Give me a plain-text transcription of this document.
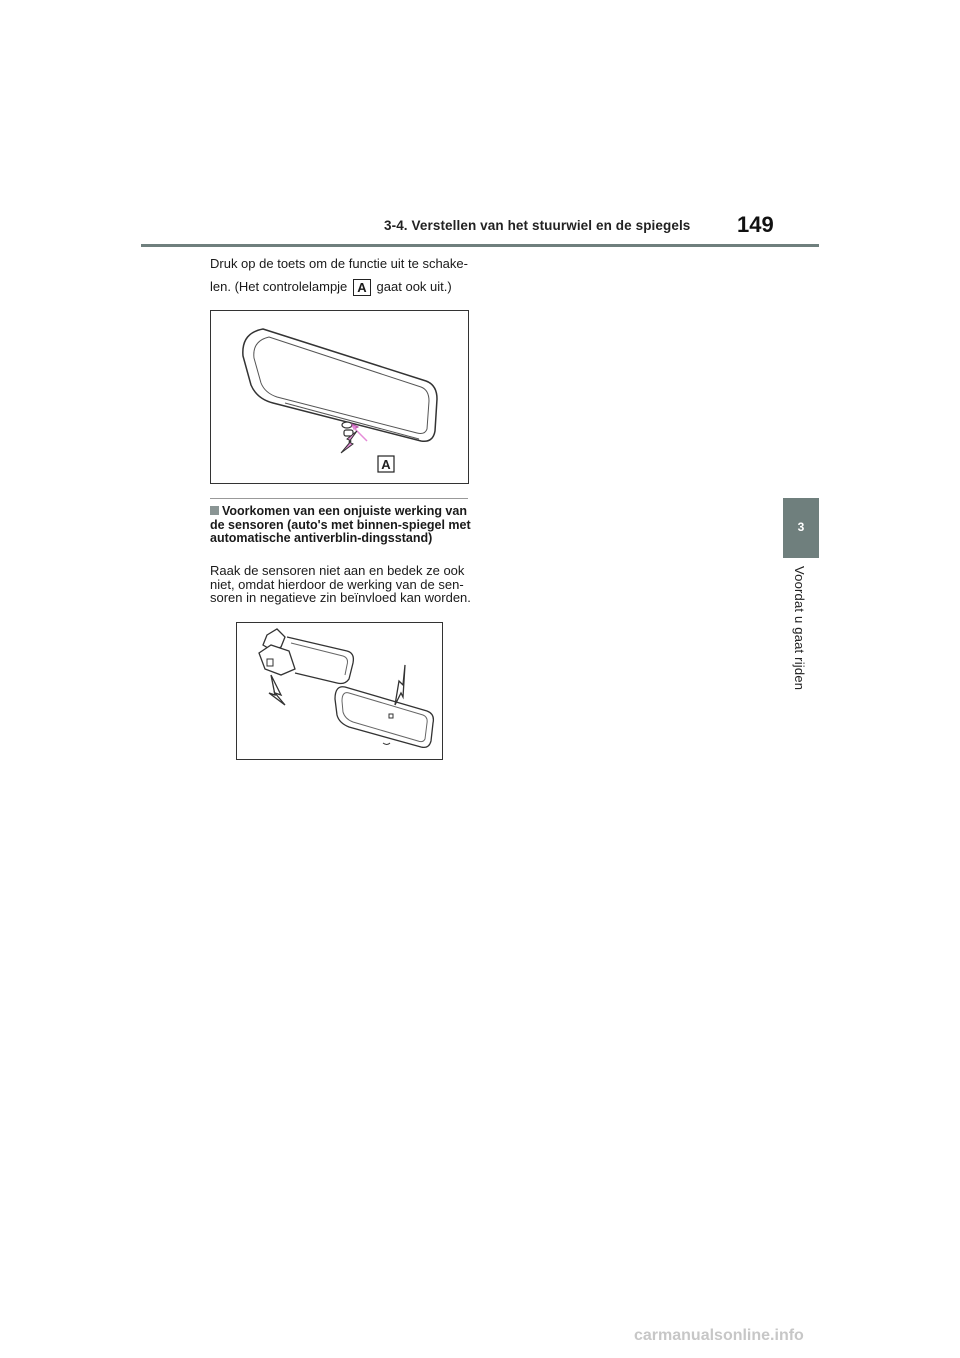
3-4. Verstellen van het stuurwiel en de spiegels 149
3
Voordat u gaat rijden
Druk op de toets om de functie uit te schake-
len. (Het controlelampje A gaat ook uit.)
A
Voorkomen van een onjuiste werking van de sensoren (auto's met binnen-spiegel met automatische antiverblin-dingsstand)
Raak de sensoren niet aan en bedek ze ook niet, omdat hierdoor de werking van de sen-soren in negatieve zin beïnvloed kan worden.
carmanualsonline.info
